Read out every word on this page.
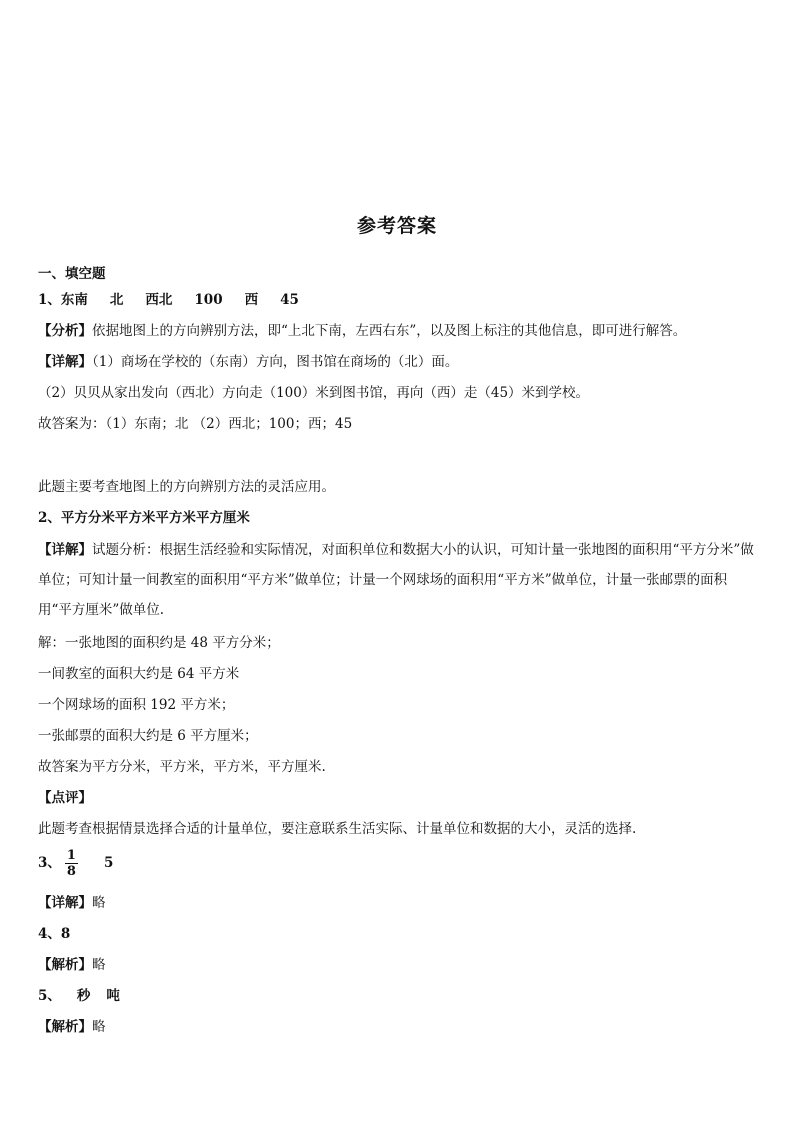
参考答案
一、填空题
1、东南 北 西北 100 西 45
【分析】依据地图上的方向辨别方法，即“上北下南，左西右东”，以及图上标注的其他信息，即可进行解答。
【详解】（1）商场在学校的（东南）方向，图书馆在商场的（北）面。
（2）贝贝从家出发向（西北）方向走（100）米到图书馆，再向（西）走（45）米到学校。
故答案为：（1）东南；北 （2）西北；100；西；45
此题主要考查地图上的方向辨别方法的灵活应用。
2、平方分米平方米平方米平方厘米
【详解】试题分析：根据生活经验和实际情况，对面积单位和数据大小的认识，可知计量一张地图的面积用“平方分米”做单位；可知计量一间教室的面积用“平方米”做单位；计量一个网球场的面积用“平方米”做单位，计量一张邮票的面积用“平方厘米”做单位.
解：一张地图的面积约是 48 平方分米；
一间教室的面积大约是 64 平方米
一个网球场的面积 192 平方米；
一张邮票的面积大约是 6 平方厘米；
故答案为平方分米，平方米，平方米，平方厘米.
【点评】
此题考查根据情景选择合适的计量单位，要注意联系生活实际、计量单位和数据的大小，灵活的选择.
3、 $\frac{1}{8} 5$
【详解】略
4、8
【解析】略
5、 秒 吨
【解析】略
